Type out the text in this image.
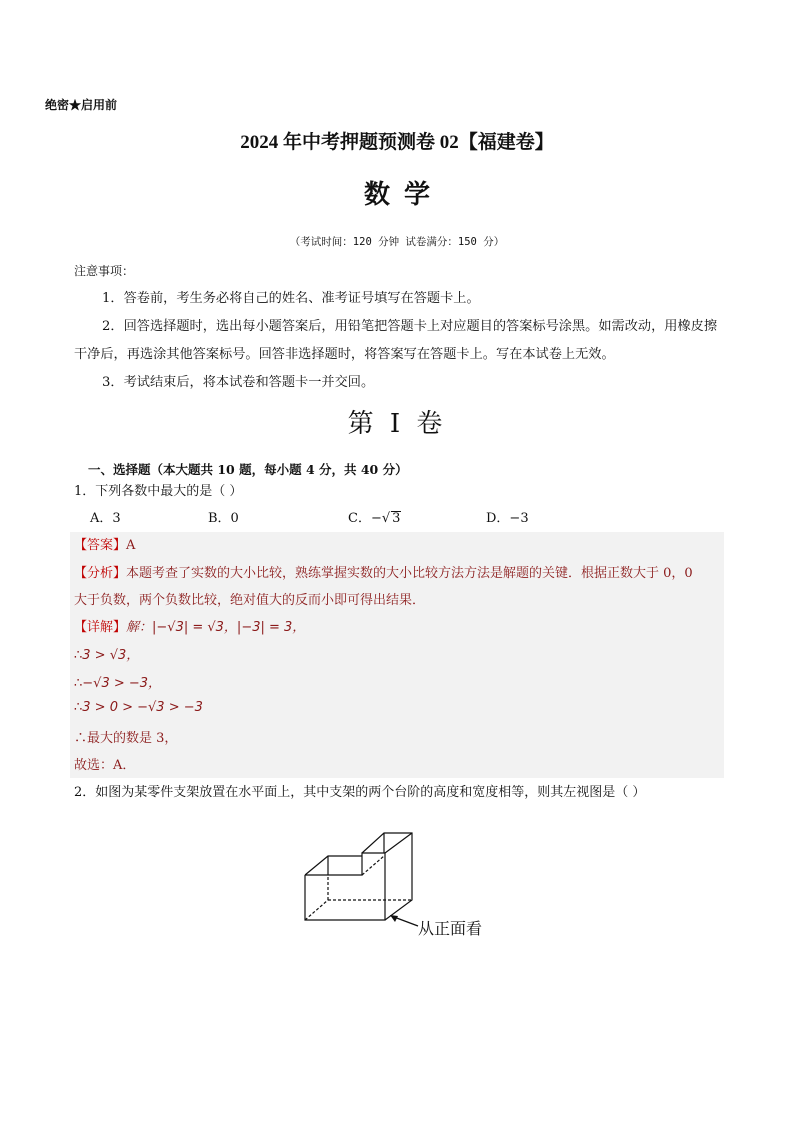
绝密★启用前
2024 年中考押题预测卷 02【福建卷】
数学
（考试时间：120 分钟 试卷满分：150 分）
注意事项：
1．答卷前，考生务必将自己的姓名、准考证号填写在答题卡上。
2．回答选择题时，选出每小题答案后，用铅笔把答题卡上对应题目的答案标号涂黑。如需改动，用橡皮擦干净后，再选涂其他答案标号。回答非选择题时，将答案写在答题卡上。写在本试卷上无效。
3．考试结束后，将本试卷和答题卡一并交回。
第 I 卷
一、选择题（本大题共 10 题，每小题 4 分，共 40 分）
1．下列各数中最大的是（ ）
A．3	B．0	C．−√ 3	D．−3
【答案】A
【分析】本题考查了实数的大小比较，熟练掌握实数的大小比较方法方法是解题的关键．根据正数大于 0，0
大于负数，两个负数比较，绝对值大的反而小即可得出结果．
【详解】解：|−√3| = √3，|−3| = 3，
∴3 > √3，
∴−√3 > −3，
∴3 > 0 > −√3 > −3
∴最大的数是 3，
故选：A．
2．如图为某零件支架放置在水平面上，其中支架的两个台阶的高度和宽度相等，则其左视图是（ ）
从正面看
